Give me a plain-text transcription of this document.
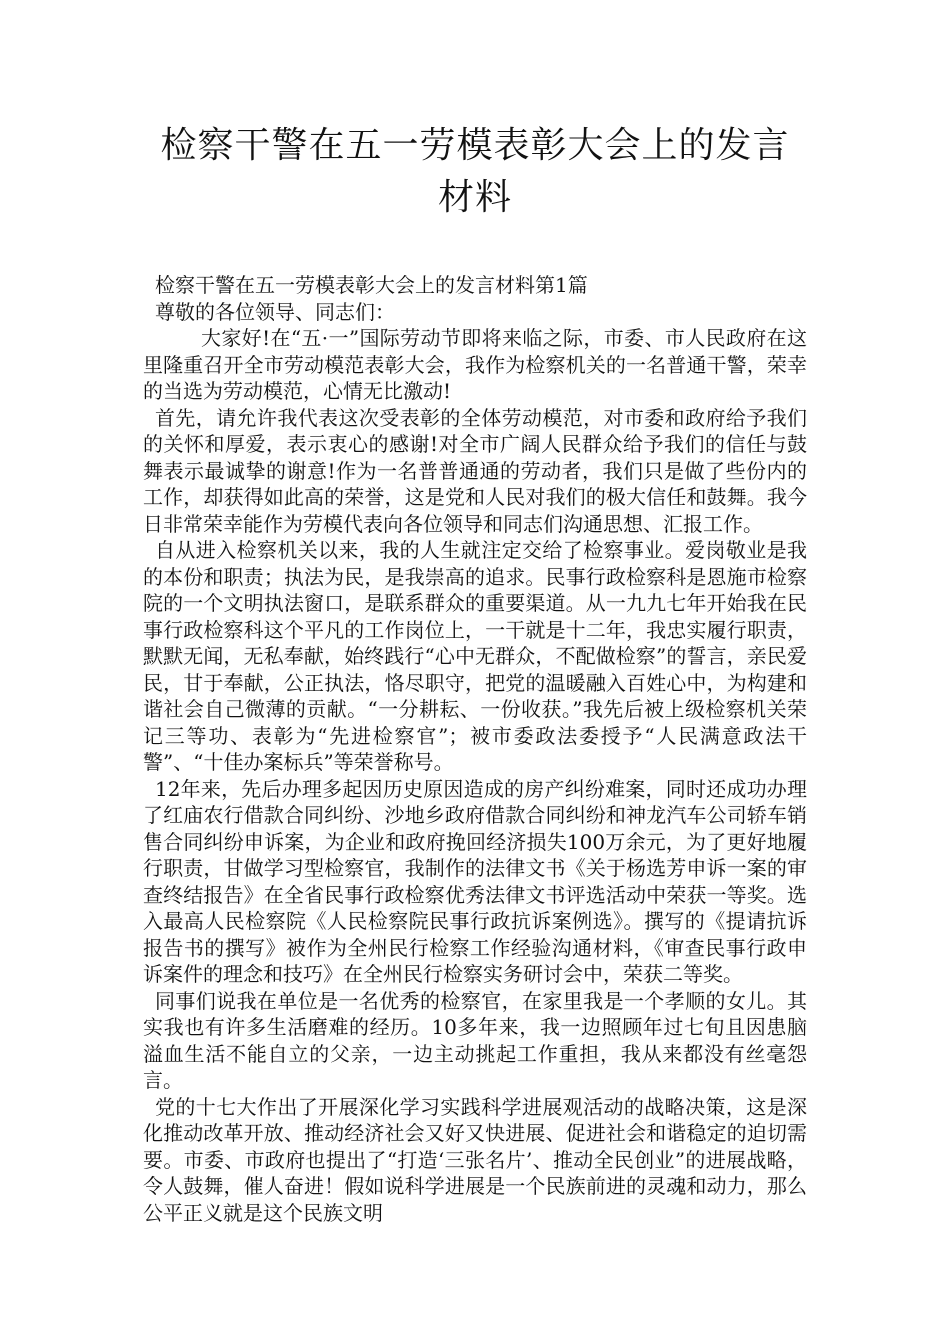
检察干警在五一劳模表彰大会上的发言材料

检察干警在五一劳模表彰大会上的发言材料第1篇

尊敬的各位领导、同志们：

大家好!在“五·一”国际劳动节即将来临之际，市委、市人民政府在这里隆重召开全市劳动模范表彰大会，我作为检察机关的一名普通干警，荣幸的当选为劳动模范，心情无比激动!

首先，请允许我代表这次受表彰的全体劳动模范，对市委和政府给予我们的关怀和厚爱，表示衷心的感谢!对全市广阔人民群众给予我们的信任与鼓舞表示最诚挚的谢意!作为一名普普通通的劳动者，我们只是做了些份内的工作，却获得如此高的荣誉，这是党和人民对我们的极大信任和鼓舞。我今日非常荣幸能作为劳模代表向各位领导和同志们沟通思想、汇报工作。

自从进入检察机关以来，我的人生就注定交给了检察事业。爱岗敬业是我的本份和职责；执法为民，是我崇高的追求。民事行政检察科是恩施市检察院的一个文明执法窗口，是联系群众的重要渠道。从一九九七年开始我在民事行政检察科这个平凡的工作岗位上，一干就是十二年，我忠实履行职责，默默无闻，无私奉献，始终践行“心中无群众，不配做检察”的誓言，亲民爱民，甘于奉献，公正执法，恪尽职守，把党的温暖融入百姓心中，为构建和谐社会自己微薄的贡献。“一分耕耘、一份收获。”我先后被上级检察机关荣记三等功、表彰为“先进检察官”；被市委政法委授予“人民满意政法干警”、“十佳办案标兵”等荣誉称号。

12年来，先后办理多起因历史原因造成的房产纠纷难案，同时还成功办理了红庙农行借款合同纠纷、沙地乡政府借款合同纠纷和神龙汽车公司轿车销售合同纠纷申诉案，为企业和政府挽回经济损失100万余元，为了更好地履行职责，甘做学习型检察官，我制作的法律文书《关于杨选芳申诉一案的审查终结报告》在全省民事行政检察优秀法律文书评选活动中荣获一等奖。选入最高人民检察院《人民检察院民事行政抗诉案例选》。撰写的《提请抗诉报告书的撰写》被作为全州民行检察工作经验沟通材料，《审查民事行政申诉案件的理念和技巧》在全州民行检察实务研讨会中，荣获二等奖。

同事们说我在单位是一名优秀的检察官，在家里我是一个孝顺的女儿。其实我也有许多生活磨难的经历。10多年来，我一边照顾年过七旬且因患脑溢血生活不能自立的父亲，一边主动挑起工作重担，我从来都没有丝毫怨言。

党的十七大作出了开展深化学习实践科学进展观活动的战略决策，这是深化推动改革开放、推动经济社会又好又快进展、促进社会和谐稳定的迫切需要。市委、市政府也提出了“打造‘三张名片’、推动全民创业”的进展战略，令人鼓舞，催人奋进！假如说科学进展是一个民族前进的灵魂和动力，那么公平正义就是这个民族文明
